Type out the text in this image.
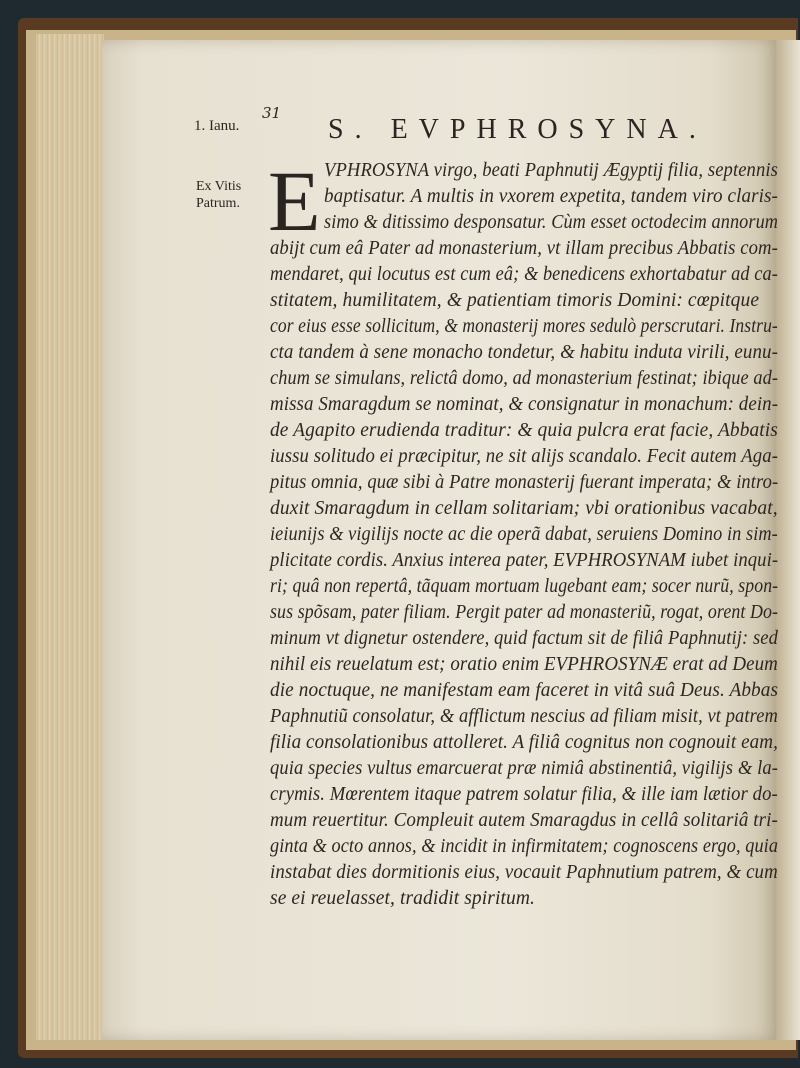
31
1. Ianu.	S. EVPHROSYNA.
Ex Vitis Patrum. E VPHROSYNA virgo, beati Paphnutij Ægyptij filia, septennis
baptisatur. A multis in vxorem expetita, tandem viro claris-
simo & ditissimo desponsatur. Cùm esset octodecim annorum
abijt cum eâ Pater ad monasterium, vt illam precibus Abbatis com-
mendaret, qui locutus est cum eâ; & benedicens exhortabatur ad ca-
stitatem, humilitatem, & patientiam timoris Domini: cœpitque
cor eius esse sollicitum, & monasterij mores sedulò perscrutari. Instru-
cta tandem à sene monacho tondetur, & habitu induta virili, eunu-
chum se simulans, relictâ domo, ad monasterium festinat; ibique ad-
missa Smaragdum se nominat, & consignatur in monachum: dein-
de Agapito erudienda traditur: & quia pulcra erat facie, Abbatis
iussu solitudo ei præcipitur, ne sit alijs scandalo. Fecit autem Aga-
pitus omnia, quæ sibi à Patre monasterij fuerant imperata; & intro-
duxit Smaragdum in cellam solitariam; vbi orationibus vacabat,
ieiunijs & vigilijs nocte ac die operã dabat, seruiens Domino in sim-
plicitate cordis. Anxius interea pater, EVPHROSYNAM iubet inqui-
ri; quâ non repertâ, tãquam mortuam lugebant eam; socer nurũ, spon-
sus spõsam, pater filiam. Pergit pater ad monasteriũ, rogat, orent Do-
minum vt dignetur ostendere, quid factum sit de filiâ Paphnutij: sed
nihil eis reuelatum est; oratio enim EVPHROSYNÆ erat ad Deum
die noctuque, ne manifestam eam faceret in vitâ suâ Deus. Abbas
Paphnutiũ consolatur, & afflictum nescius ad filiam misit, vt patrem
filia consolationibus attolleret. A filiâ cognitus non cognouit eam,
quia species vultus emarcuerat præ nimiâ abstinentiâ, vigilijs & la-
crymis. Mœrentem itaque patrem solatur filia, & ille iam lætior do-
mum reuertitur. Compleuit autem Smaragdus in cellâ solitariâ tri-
ginta & octo annos, & incidit in infirmitatem; cognoscens ergo, quia
instabat dies dormitionis eius, vocauit Paphnutium patrem, & cum
se ei reuelasset, tradidit spiritum.
